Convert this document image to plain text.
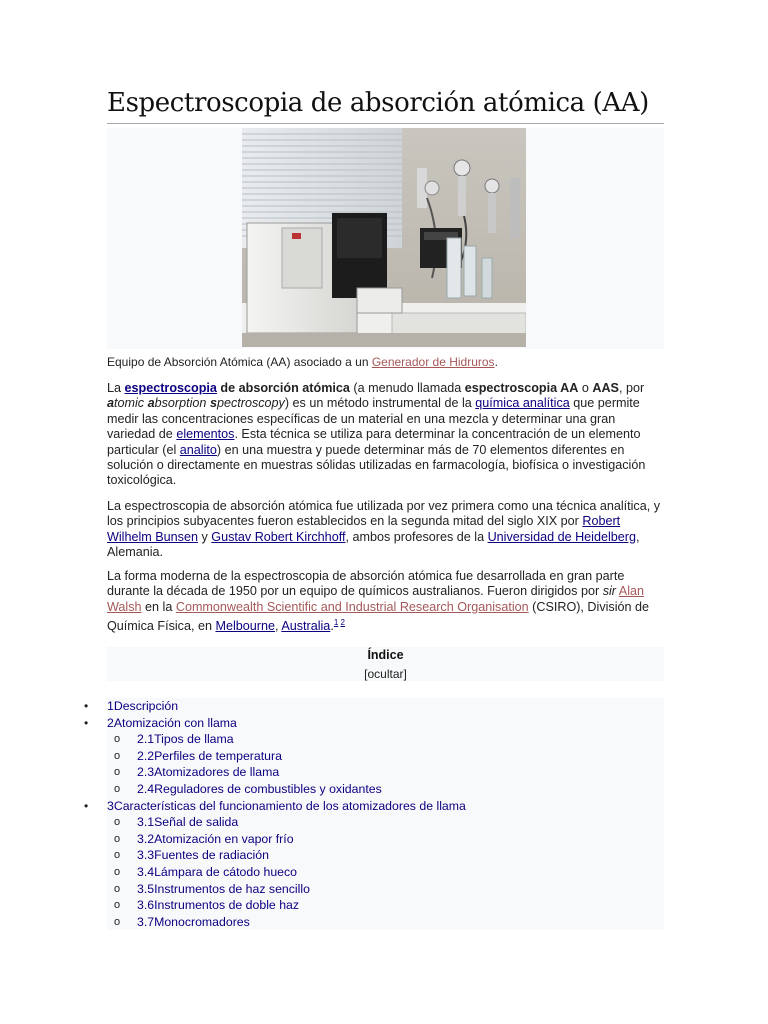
Espectroscopia de absorción atómica (AA)
Equipo de Absorción Atómica (AA) asociado a un Generador de Hidruros.

La espectroscopia de absorción atómica (a menudo llamada espectroscopia AA o AAS, por atomic absorption spectroscopy) es un método instrumental de la química analítica que permite medir las concentraciones específicas de un material en una mezcla y determinar una gran variedad de elementos. Esta técnica se utiliza para determinar la concentración de un elemento particular (el analito) en una muestra y puede determinar más de 70 elementos diferentes en solución o directamente en muestras sólidas utilizadas en farmacología, biofísica o investigación toxicológica.

La espectroscopia de absorción atómica fue utilizada por vez primera como una técnica analítica, y los principios subyacentes fueron establecidos en la segunda mitad del siglo XIX por Robert Wilhelm Bunsen y Gustav Robert Kirchhoff, ambos profesores de la Universidad de Heidelberg, Alemania.

La forma moderna de la espectroscopia de absorción atómica fue desarrollada en gran parte durante la década de 1950 por un equipo de químicos australianos. Fueron dirigidos por sir Alan Walsh en la Commonwealth Scientific and Industrial Research Organisation (CSIRO), División de Química Física, en Melbourne, Australia.$^{1 2}$

Índice
[ocultar]
• 1Descripción
• 2Atomización con llama
o 2.1Tipos de llama
o 2.2Perfiles de temperatura
o 2.3Atomizadores de llama
o 2.4Reguladores de combustibles y oxidantes
• 3Características del funcionamiento de los atomizadores de llama
o 3.1Señal de salida
o 3.2Atomización en vapor frío
o 3.3Fuentes de radiación
o 3.4Lámpara de cátodo hueco
o 3.5Instrumentos de haz sencillo
o 3.6Instrumentos de doble haz
o 3.7Monocromadores
